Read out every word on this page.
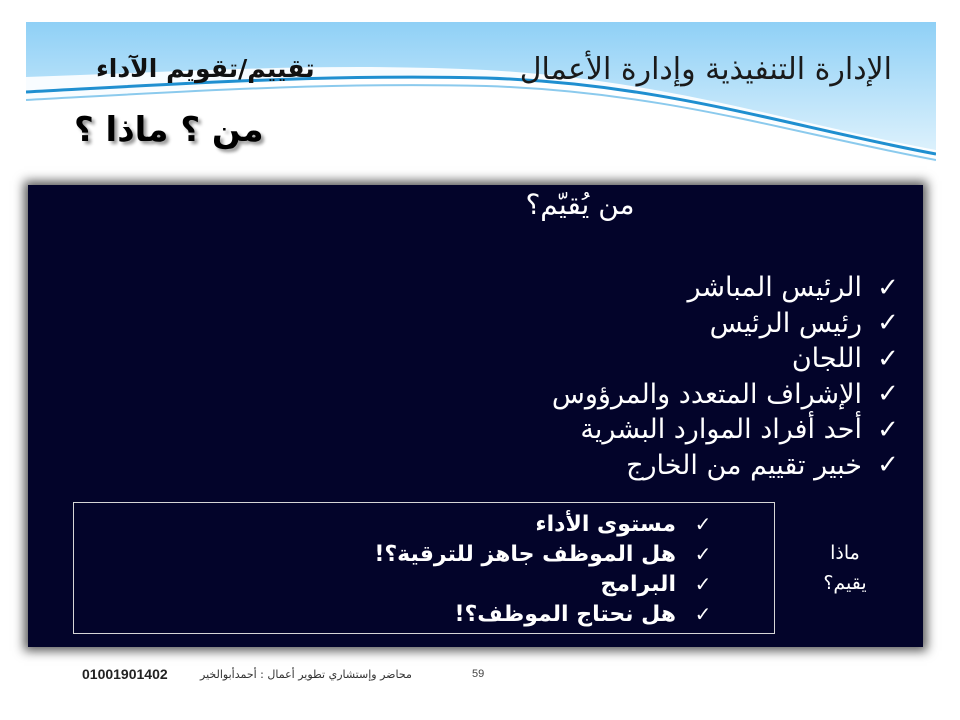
الإدارة التنفيذية وإدارة الأعمال
تقييم/تقويم الآداء
من ؟ ماذا ؟
من يُقيّم؟
✓
الرئيس المباشر
✓
رئيس الرئيس
✓
اللجان
✓
الإشراف المتعدد والمرؤوس
✓
أحد أفراد الموارد البشرية
✓
خبير تقييم من الخارج
✓
مستوى الأداء
✓
هل الموظف جاهز للترقية؟!
✓
البرامج
✓
هل نحتاج الموظف؟!
ماذا
يقيم؟
01001901402	محاضر وإستشاري تطوير أعمال : أحمدأبوالخير	59
